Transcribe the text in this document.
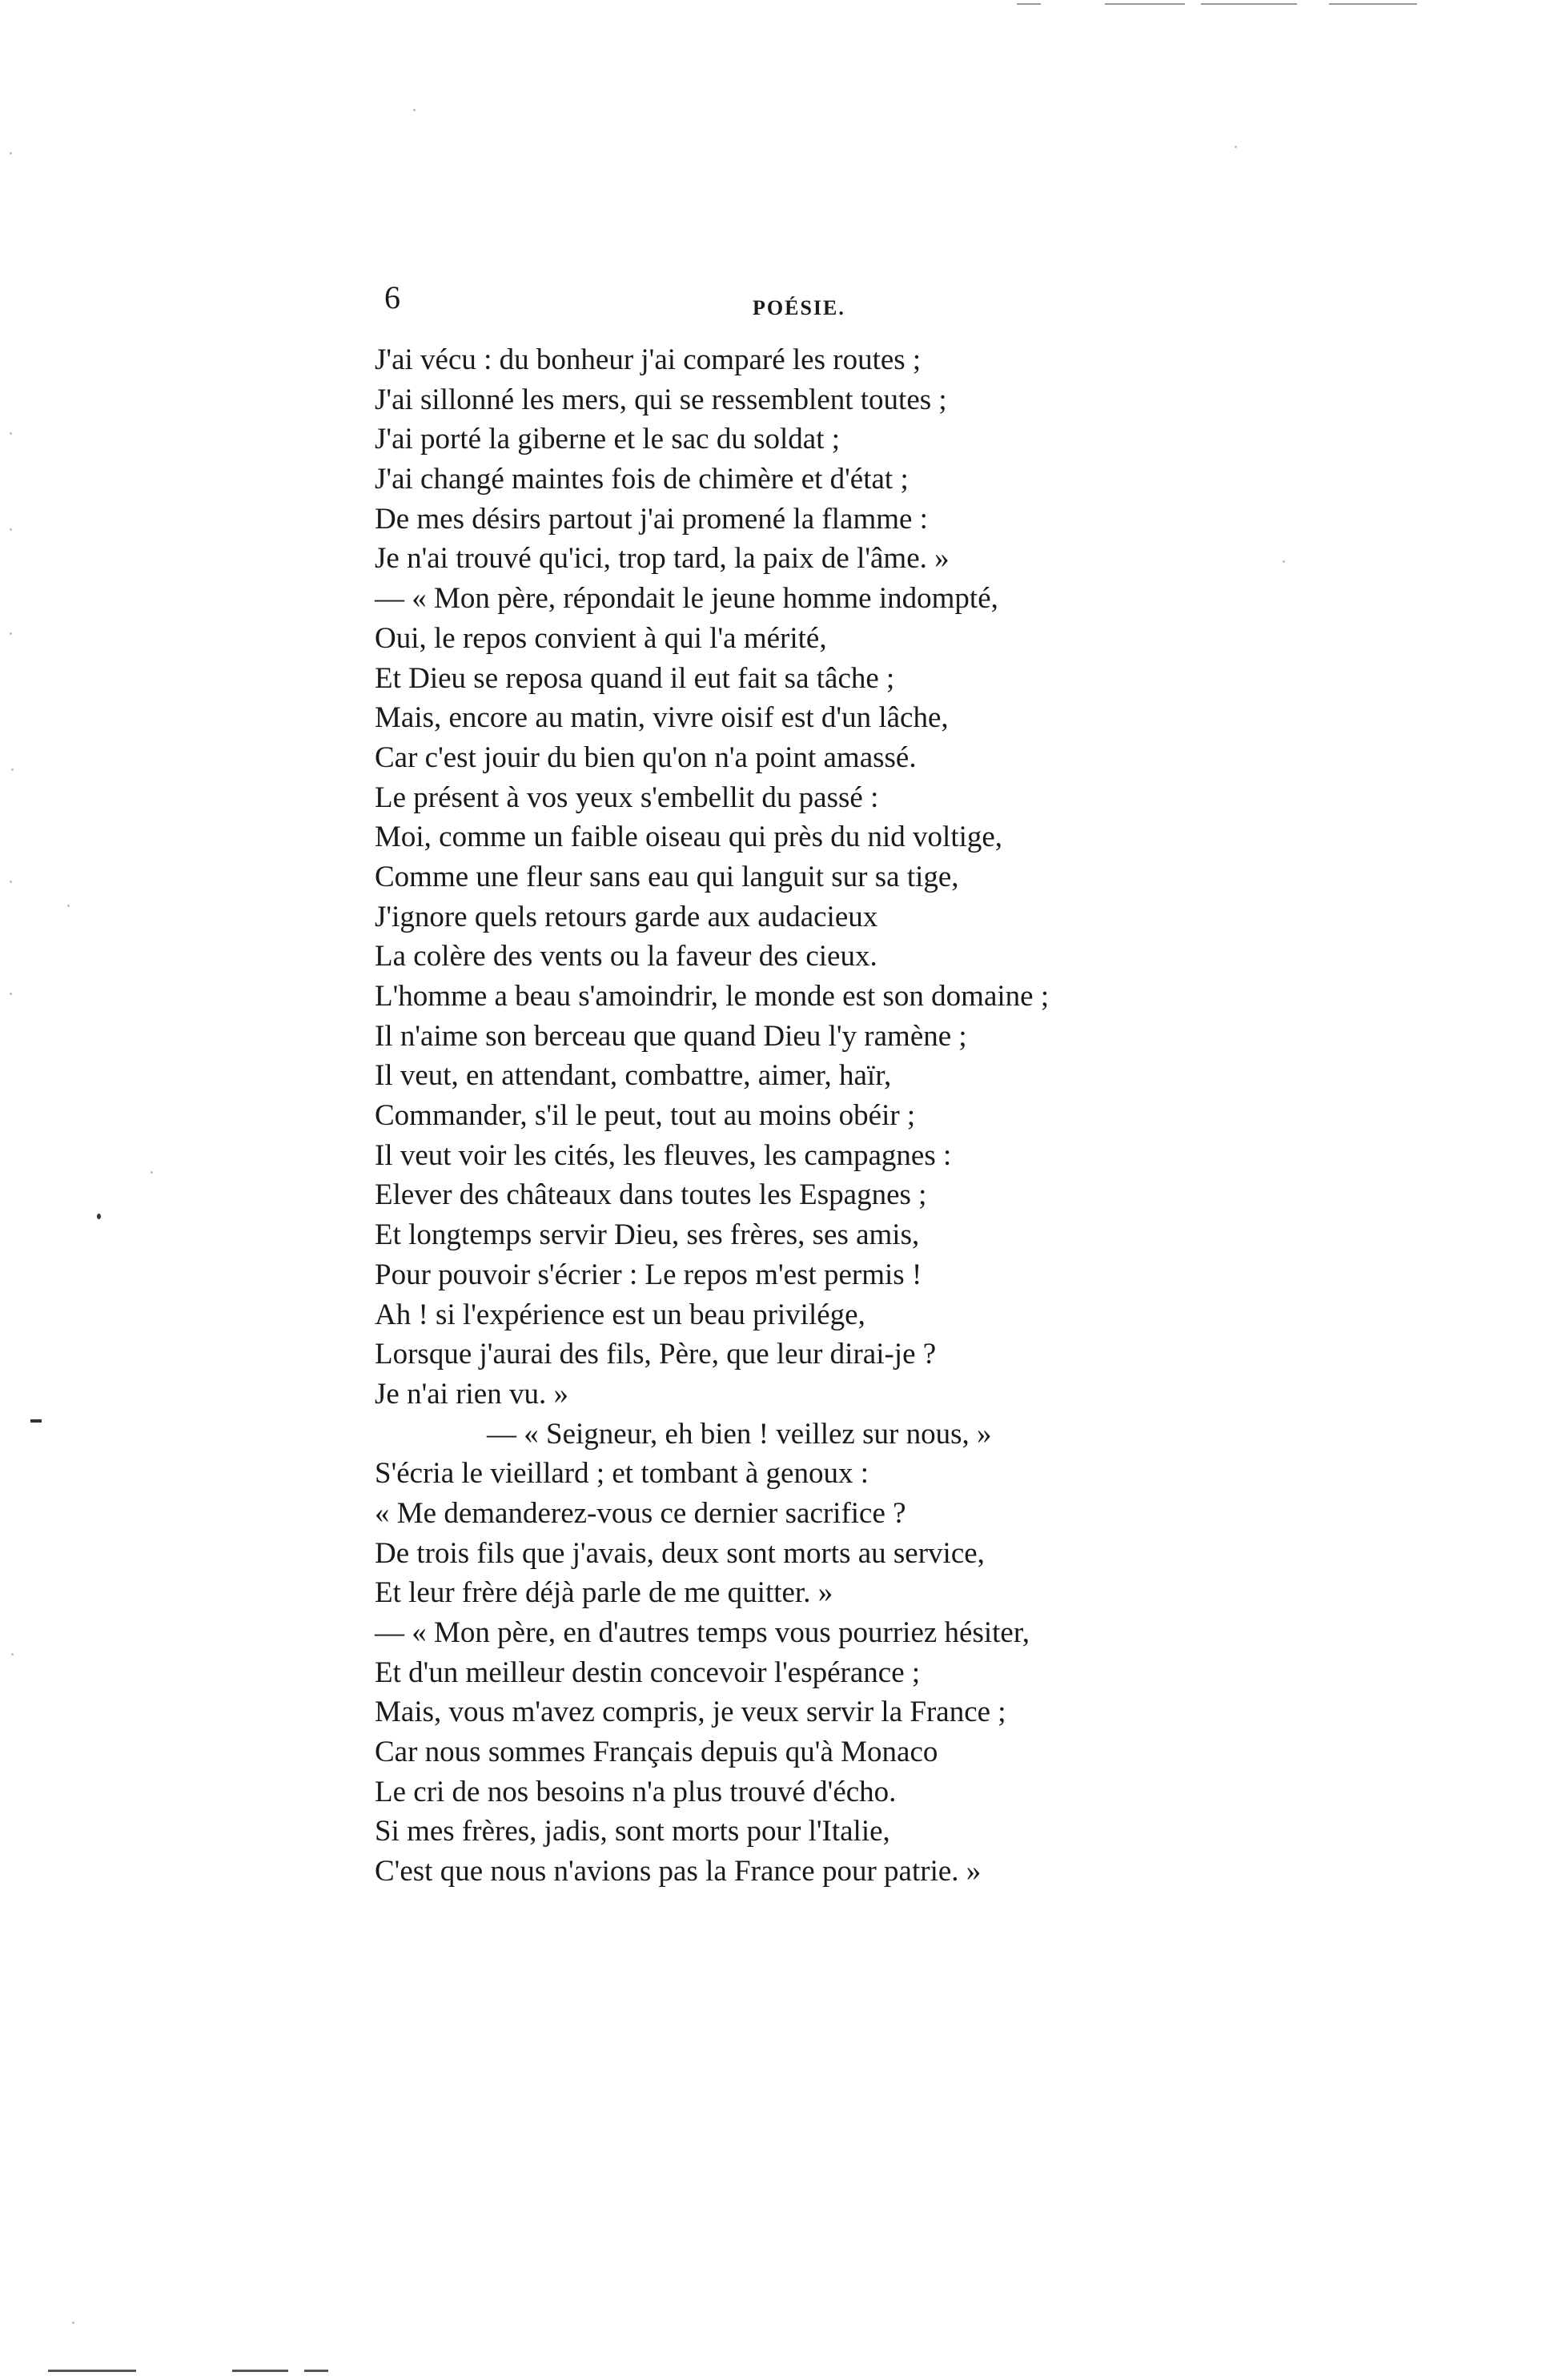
6	POÉSIE.
J'ai vécu : du bonheur j'ai comparé les routes ;
J'ai sillonné les mers, qui se ressemblent toutes ;
J'ai porté la giberne et le sac du soldat ;
J'ai changé maintes fois de chimère et d'état ;
De mes désirs partout j'ai promené la flamme :
Je n'ai trouvé qu'ici, trop tard, la paix de l'âme. »
— « Mon père, répondait le jeune homme indompté,
Oui, le repos convient à qui l'a mérité,
Et Dieu se reposa quand il eut fait sa tâche ;
Mais, encore au matin, vivre oisif est d'un lâche,
Car c'est jouir du bien qu'on n'a point amassé.
Le présent à vos yeux s'embellit du passé :
Moi, comme un faible oiseau qui près du nid voltige,
Comme une fleur sans eau qui languit sur sa tige,
J'ignore quels retours garde aux audacieux
La colère des vents ou la faveur des cieux.
L'homme a beau s'amoindrir, le monde est son domaine ;
Il n'aime son berceau que quand Dieu l'y ramène ;
Il veut, en attendant, combattre, aimer, haïr,
Commander, s'il le peut, tout au moins obéir ;
Il veut voir les cités, les fleuves, les campagnes :
Elever des châteaux dans toutes les Espagnes ;
Et longtemps servir Dieu, ses frères, ses amis,
Pour pouvoir s'écrier : Le repos m'est permis !
Ah ! si l'expérience est un beau privilége,
Lorsque j'aurai des fils, Père, que leur dirai-je ?
Je n'ai rien vu. »
— « Seigneur, eh bien ! veillez sur nous, »
S'écria le vieillard ; et tombant à genoux :
« Me demanderez-vous ce dernier sacrifice ?
De trois fils que j'avais, deux sont morts au service,
Et leur frère déjà parle de me quitter. »
— « Mon père, en d'autres temps vous pourriez hésiter,
Et d'un meilleur destin concevoir l'espérance ;
Mais, vous m'avez compris, je veux servir la France ;
Car nous sommes Français depuis qu'à Monaco
Le cri de nos besoins n'a plus trouvé d'écho.
Si mes frères, jadis, sont morts pour l'Italie,
C'est que nous n'avions pas la France pour patrie. »
